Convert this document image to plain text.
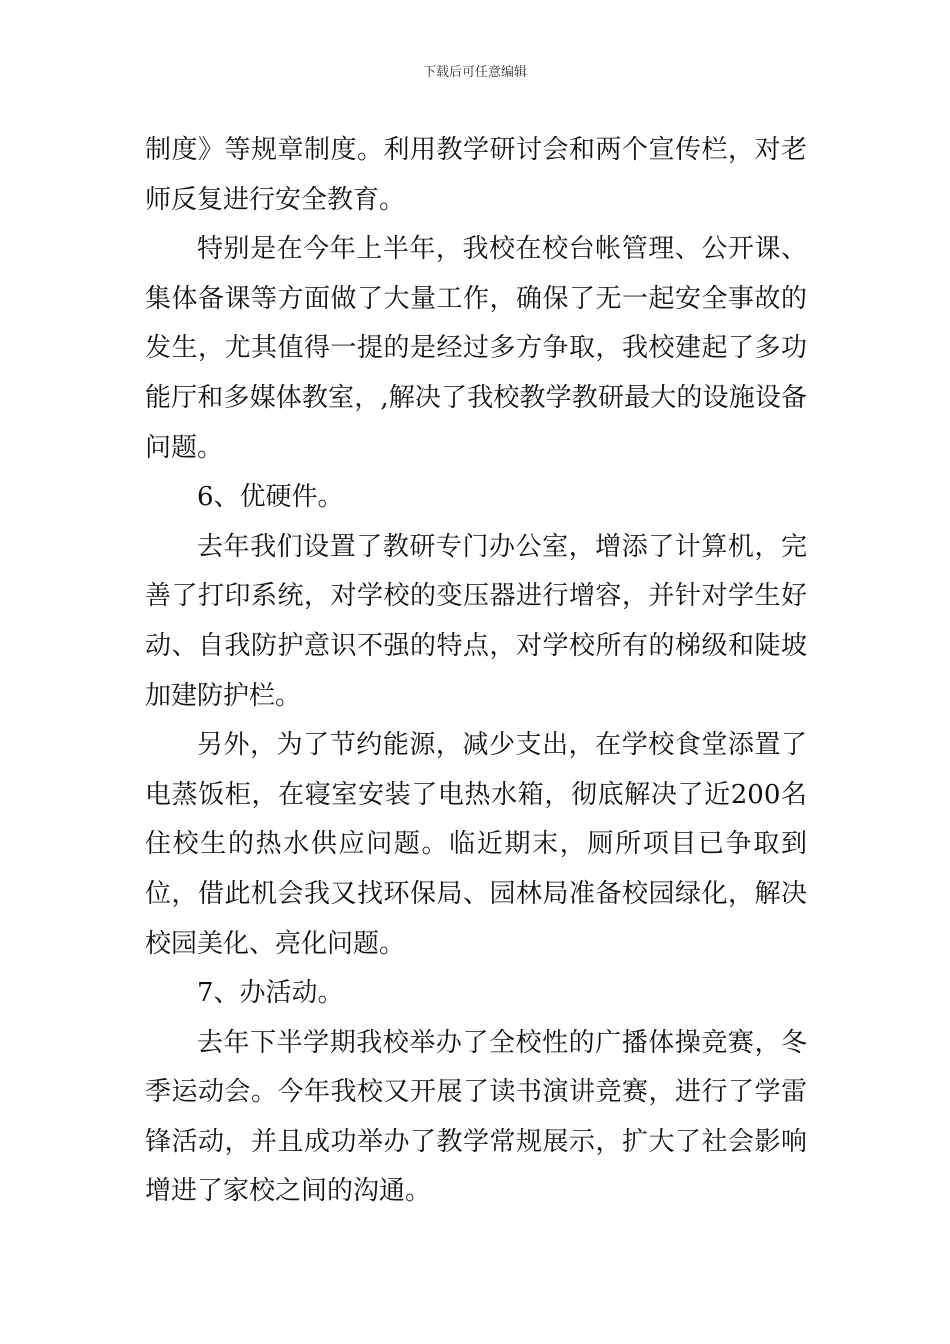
下载后可任意编辑

制度》等规章制度。利用教学研讨会和两个宣传栏，对老师反复进行安全教育。

特别是在今年上半年，我校在校台帐管理、公开课、集体备课等方面做了大量工作，确保了无一起安全事故的发生，尤其值得一提的是经过多方争取，我校建起了多功能厅和多媒体教室，,解决了我校教学教研最大的设施设备问题。

6、优硬件。

去年我们设置了教研专门办公室，增添了计算机，完善了打印系统，对学校的变压器进行增容，并针对学生好动、自我防护意识不强的特点，对学校所有的梯级和陡坡加建防护栏。

另外，为了节约能源，减少支出，在学校食堂添置了电蒸饭柜，在寝室安装了电热水箱，彻底解决了近200名住校生的热水供应问题。临近期末，厕所项目已争取到位，借此机会我又找环保局、园林局准备校园绿化，解决校园美化、亮化问题。

7、办活动。

去年下半学期我校举办了全校性的广播体操竞赛，冬季运动会。今年我校又开展了读书演讲竞赛，进行了学雷锋活动，并且成功举办了教学常规展示，扩大了社会影响增进了家校之间的沟通。
